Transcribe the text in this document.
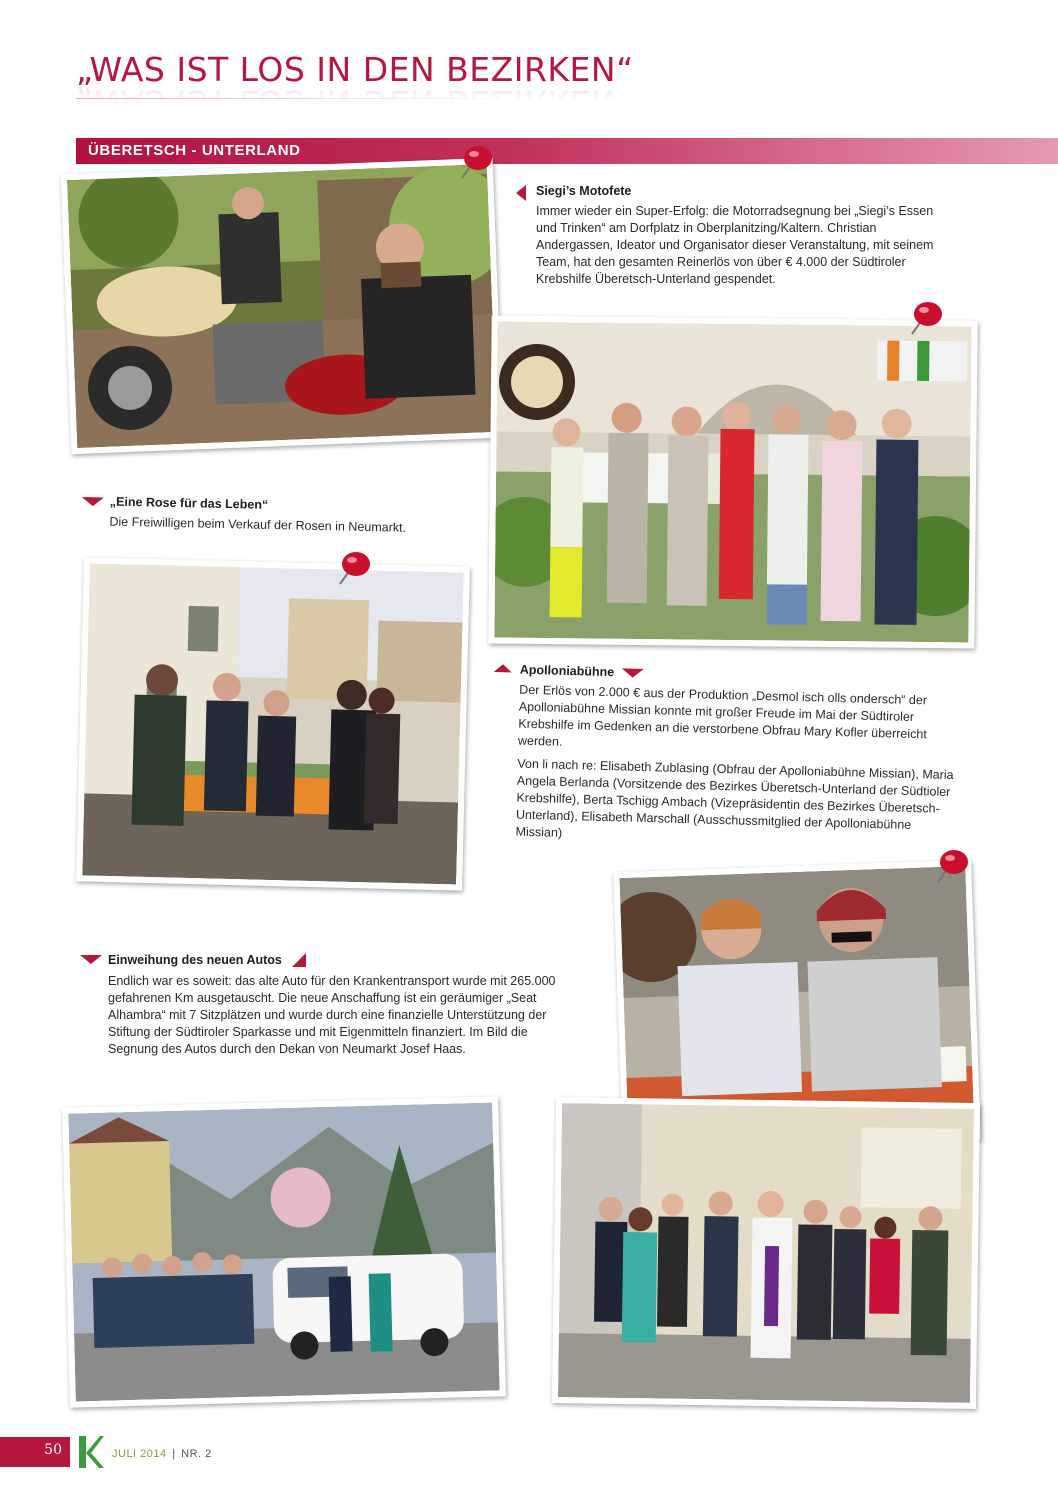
„WAS IST LOS IN DEN BEZIRKEN“
ÜBERETSCH - UNTERLAND

Siegi’s Motofete

Immer wieder ein Super-Erfolg: die Motorradsegnung bei „Siegi’s Essen und Trinken“ am Dorfplatz in Oberplanitzing/Kaltern. Christian Andergassen, Ideator und Organisator dieser Veranstaltung, mit seinem Team, hat den gesamten Reinerlös von über € 4.000 der Südtiroler Krebshilfe Überetsch-Unterland gespendet.

„Eine Rose für das Leben“

Die Freiwilligen beim Verkauf der Rosen in Neumarkt.

Apolloniabühne

Der Erlös von 2.000 € aus der Produktion „Desmol isch olls ondersch“ der Apolloniabühne Missian konnte mit großer Freude im Mai der Südtiroler Krebshilfe im Gedenken an die verstorbene Obfrau Mary Kofler überreicht werden.

Von li nach re: Elisabeth Zublasing (Obfrau der Apolloniabühne Missian), Maria Angela Berlanda (Vorsitzende des Bezirkes Überetsch-Unterland der Südtioler Krebshilfe), Berta Tschigg Ambach (Vizepräsidentin des Bezirkes Überetsch-Unterland), Elisabeth Marschall (Ausschussmitglied der Apolloniabühne Missian)

Einweihung des neuen Autos

Endlich war es soweit: das alte Auto für den Krankentransport wurde mit 265.000 gefahrenen Km ausgetauscht. Die neue Anschaffung ist ein geräumiger „Seat Alhambra“ mit 7 Sitzplätzen und wurde durch eine finanzielle Unterstützung der Stiftung der Südtiroler Sparkasse und mit Eigenmitteln finanziert. Im Bild die Segnung des Autos durch den Dekan von Neumarkt Josef Haas.

50	JULI 2014 | NR. 2
